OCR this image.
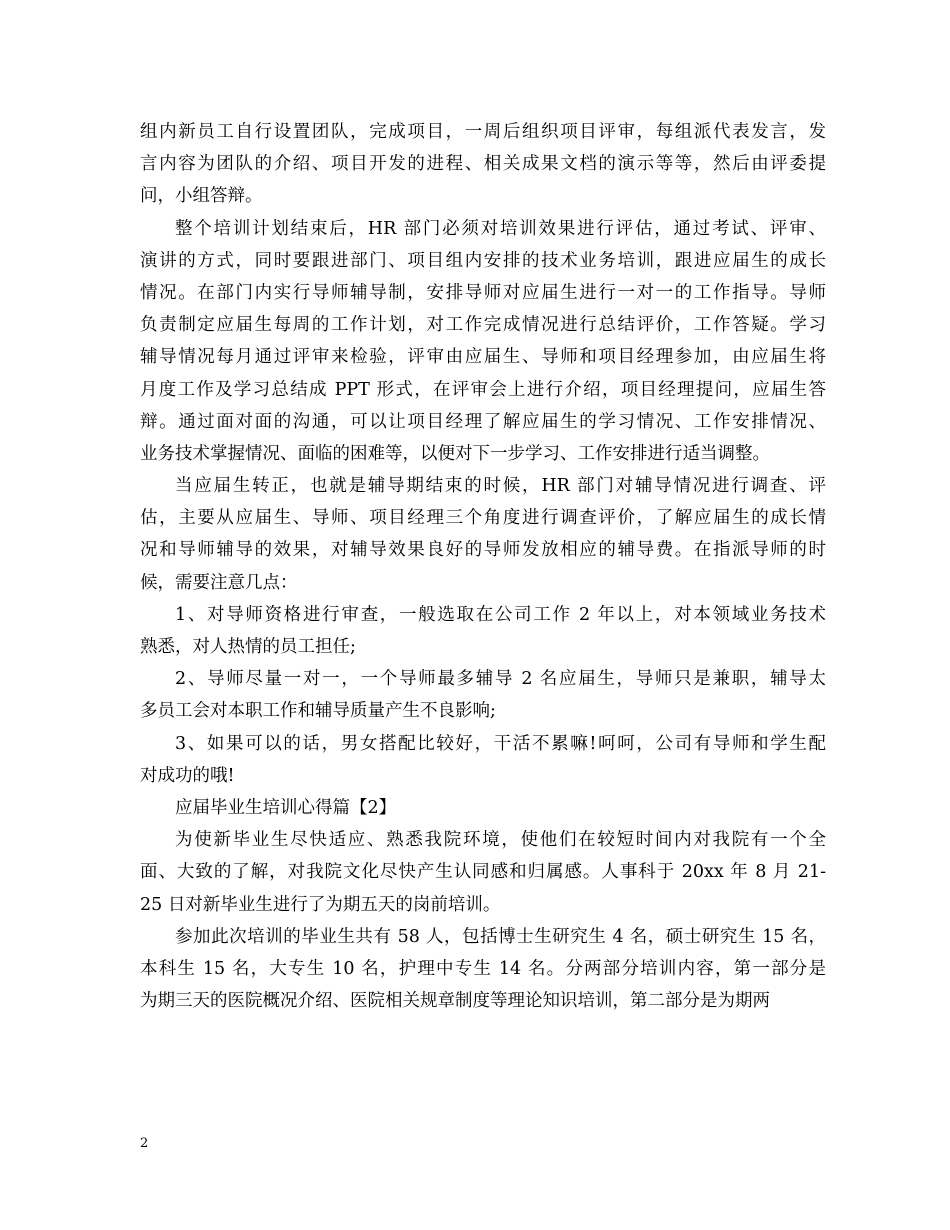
组内新员工自行设置团队，完成项目，一周后组织项目评审，每组派代表发言，发
言内容为团队的介绍、项目开发的进程、相关成果文档的演示等等，然后由评委提
问，小组答辩。
整个培训计划结束后，HR 部门必须对培训效果进行评估，通过考试、评审、
演讲的方式，同时要跟进部门、项目组内安排的技术业务培训，跟进应届生的成长
情况。在部门内实行导师辅导制，安排导师对应届生进行一对一的工作指导。导师
负责制定应届生每周的工作计划，对工作完成情况进行总结评价，工作答疑。学习
辅导情况每月通过评审来检验，评审由应届生、导师和项目经理参加，由应届生将
月度工作及学习总结成 PPT 形式，在评审会上进行介绍，项目经理提问，应届生答
辩。通过面对面的沟通，可以让项目经理了解应届生的学习情况、工作安排情况、
业务技术掌握情况、面临的困难等，以便对下一步学习、工作安排进行适当调整。
当应届生转正，也就是辅导期结束的时候，HR 部门对辅导情况进行调查、评
估，主要从应届生、导师、项目经理三个角度进行调查评价，了解应届生的成长情
况和导师辅导的效果，对辅导效果良好的导师发放相应的辅导费。在指派导师的时
候，需要注意几点：
1、对导师资格进行审查，一般选取在公司工作 2 年以上，对本领域业务技术
熟悉，对人热情的员工担任;
2、导师尽量一对一，一个导师最多辅导 2 名应届生，导师只是兼职，辅导太
多员工会对本职工作和辅导质量产生不良影响;
3、如果可以的话，男女搭配比较好，干活不累嘛!呵呵，公司有导师和学生配
对成功的哦!
应届毕业生培训心得篇【2】
为使新毕业生尽快适应、熟悉我院环境，使他们在较短时间内对我院有一个全
面、大致的了解，对我院文化尽快产生认同感和归属感。人事科于 20xx 年 8 月 21-
25 日对新毕业生进行了为期五天的岗前培训。
参加此次培训的毕业生共有 58 人，包括博士生研究生 4 名，硕士研究生 15 名，
本科生 15 名，大专生 10 名，护理中专生 14 名。分两部分培训内容，第一部分是
为期三天的医院概况介绍、医院相关规章制度等理论知识培训，第二部分是为期两
2
